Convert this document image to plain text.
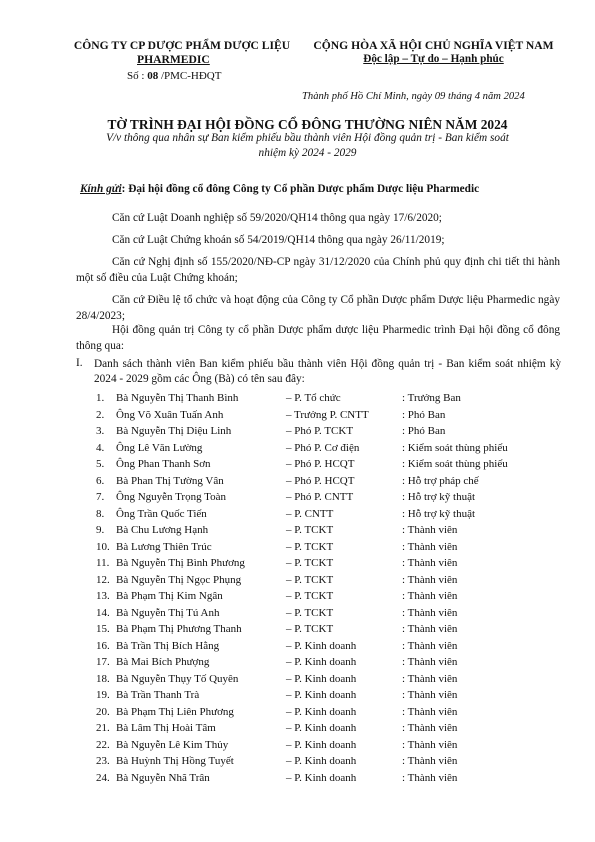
CÔNG TY CP DƯỢC PHẨM DƯỢC LIỆU
PHARMEDIC
Số : 08 /PMC-HĐQT
CỘNG HÒA XÃ HỘI CHỦ NGHĨA VIỆT NAM
Độc lập – Tự do – Hạnh phúc
Thành phố Hồ Chí Minh, ngày 09 tháng 4 năm 2024
TỜ TRÌNH ĐẠI HỘI ĐỒNG CỔ ĐÔNG THƯỜNG NIÊN NĂM 2024
V/v thông qua nhân sự Ban kiểm phiếu bầu thành viên Hội đồng quản trị - Ban kiểm soát
nhiệm kỳ 2024 - 2029
Kính gửi: Đại hội đồng cổ đông Công ty Cổ phần Dược phẩm Dược liệu Pharmedic
Căn cứ Luật Doanh nghiệp số 59/2020/QH14 thông qua ngày 17/6/2020;
Căn cứ Luật Chứng khoán số 54/2019/QH14 thông qua ngày 26/11/2019;
Căn cứ Nghị định số 155/2020/NĐ-CP ngày 31/12/2020 của Chính phủ quy định chi tiết thi hành một số điều của Luật Chứng khoán;
Căn cứ Điều lệ tổ chức và hoạt động của Công ty Cổ phần Dược phẩm Dược liệu Pharmedic ngày 28/4/2023;
Hội đồng quản trị Công ty cổ phần Dược phẩm dược liệu Pharmedic trình Đại hội đồng cổ đông thông qua:
I. Danh sách thành viên Ban kiểm phiếu bầu thành viên Hội đồng quản trị - Ban kiểm soát nhiệm kỳ 2024 - 2029 gồm các Ông (Bà) có tên sau đây:
1. Bà Nguyễn Thị Thanh Bình	– P. Tổ chức	: Trưởng Ban
2. Ông Võ Xuân Tuấn Anh	– Trưởng P. CNTT	: Phó Ban
3. Bà Nguyễn Thị Diệu Linh	– Phó P. TCKT	: Phó Ban
4. Ông Lê Văn Lường	– Phó P. Cơ điện	: Kiểm soát thùng phiếu
5. Ông Phan Thanh Sơn	– Phó P. HCQT	: Kiểm soát thùng phiếu
6. Bà Phan Thị Tường Vân	– Phó P. HCQT	: Hỗ trợ pháp chế
7. Ông Nguyễn Trọng Toàn	– Phó P. CNTT	: Hỗ trợ kỹ thuật
8. Ông Trần Quốc Tiến	– P. CNTT	: Hỗ trợ kỹ thuật
9. Bà Chu Lương Hạnh	– P. TCKT	: Thành viên
10. Bà Lương Thiên Trúc	– P. TCKT	: Thành viên
11. Bà Nguyễn Thị Bình Phương	– P. TCKT	: Thành viên
12. Bà Nguyễn Thị Ngọc Phụng	– P. TCKT	: Thành viên
13. Bà Phạm Thị Kim Ngân	– P. TCKT	: Thành viên
14. Bà Nguyễn Thị Tú Anh	– P. TCKT	: Thành viên
15. Bà Phạm Thị Phương Thanh	– P. TCKT	: Thành viên
16. Bà Trần Thị Bích Hằng	– P. Kinh doanh	: Thành viên
17. Bà Mai Bích Phượng	– P. Kinh doanh	: Thành viên
18. Bà Nguyễn Thụy Tố Quyên	– P. Kinh doanh	: Thành viên
19. Bà Trần Thanh Trà	– P. Kinh doanh	: Thành viên
20. Bà Phạm Thị Liên Phương	– P. Kinh doanh	: Thành viên
21. Bà Lâm Thị Hoài Tâm	– P. Kinh doanh	: Thành viên
22. Bà Nguyễn Lê Kim Thủy	– P. Kinh doanh	: Thành viên
23. Bà Huỳnh Thị Hồng Tuyết	– P. Kinh doanh	: Thành viên
24. Bà Nguyễn Nhã Trân	– P. Kinh doanh	: Thành viên
